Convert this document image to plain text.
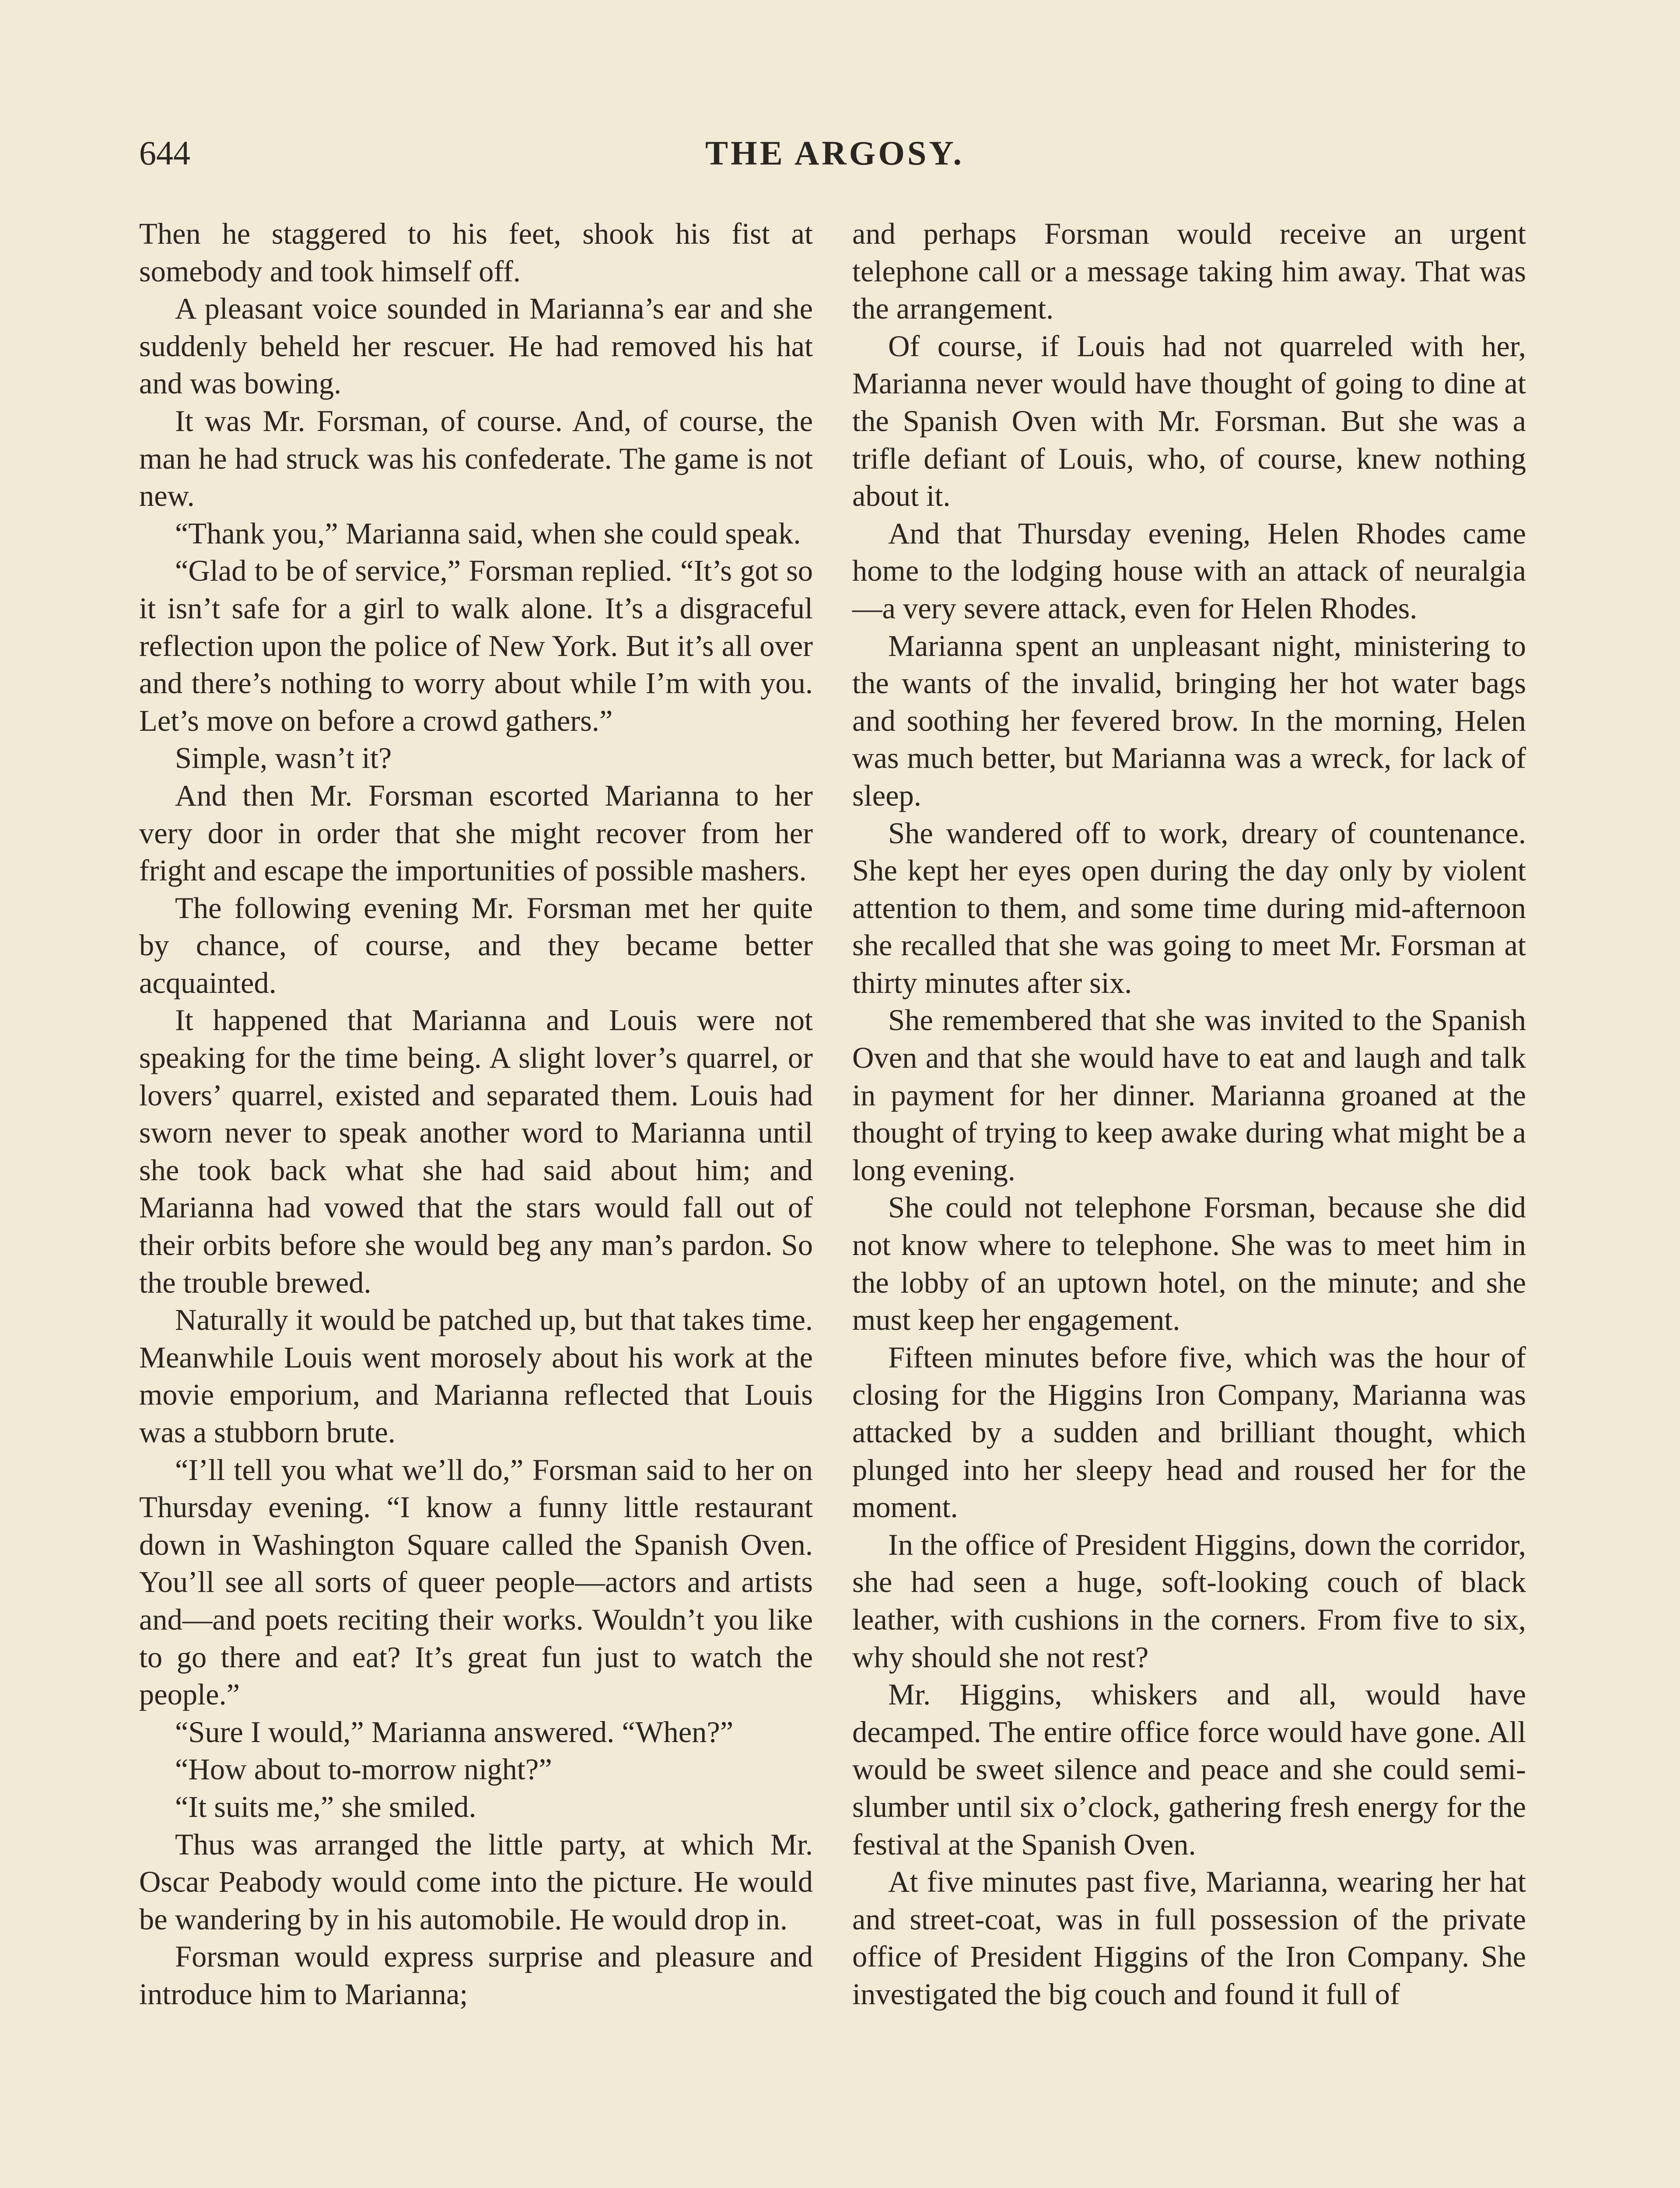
644	THE ARGOSY.

Then he staggered to his feet, shook his fist at somebody and took himself off.

A pleasant voice sounded in Marianna’s ear and she suddenly beheld her rescuer. He had removed his hat and was bowing.

It was Mr. Forsman, of course. And, of course, the man he had struck was his confederate. The game is not new.

“Thank you,” Marianna said, when she could speak.

“Glad to be of service,” Forsman replied. “It’s got so it isn’t safe for a girl to walk alone. It’s a disgraceful reflection upon the police of New York. But it’s all over and there’s nothing to worry about while I’m with you. Let’s move on before a crowd gathers.”

Simple, wasn’t it?

And then Mr. Forsman escorted Marianna to her very door in order that she might recover from her fright and escape the importunities of possible mashers.

The following evening Mr. Forsman met her quite by chance, of course, and they became better acquainted.

It happened that Marianna and Louis were not speaking for the time being. A slight lover’s quarrel, or lovers’ quarrel, existed and separated them. Louis had sworn never to speak another word to Marianna until she took back what she had said about him; and Marianna had vowed that the stars would fall out of their orbits before she would beg any man’s pardon. So the trouble brewed.

Naturally it would be patched up, but that takes time. Meanwhile Louis went morosely about his work at the movie emporium, and Marianna reflected that Louis was a stubborn brute.

“I’ll tell you what we’ll do,” Forsman said to her on Thursday evening. “I know a funny little restaurant down in Washington Square called the Spanish Oven. You’ll see all sorts of queer people—actors and artists and—and poets reciting their works. Wouldn’t you like to go there and eat? It’s great fun just to watch the people.”

“Sure I would,” Marianna answered. “When?”

“How about to-morrow night?”

“It suits me,” she smiled.

Thus was arranged the little party, at which Mr. Oscar Peabody would come into the picture. He would be wandering by in his automobile. He would drop in.

Forsman would express surprise and pleasure and introduce him to Marianna;

and perhaps Forsman would receive an urgent telephone call or a message taking him away. That was the arrangement.

Of course, if Louis had not quarreled with her, Marianna never would have thought of going to dine at the Spanish Oven with Mr. Forsman. But she was a trifle defiant of Louis, who, of course, knew nothing about it.

And that Thursday evening, Helen Rhodes came home to the lodging house with an attack of neuralgia—a very severe attack, even for Helen Rhodes.

Marianna spent an unpleasant night, ministering to the wants of the invalid, bringing her hot water bags and soothing her fevered brow. In the morning, Helen was much better, but Marianna was a wreck, for lack of sleep.

She wandered off to work, dreary of countenance. She kept her eyes open during the day only by violent attention to them, and some time during mid-afternoon she recalled that she was going to meet Mr. Forsman at thirty minutes after six.

She remembered that she was invited to the Spanish Oven and that she would have to eat and laugh and talk in payment for her dinner. Marianna groaned at the thought of trying to keep awake during what might be a long evening.

She could not telephone Forsman, because she did not know where to telephone. She was to meet him in the lobby of an uptown hotel, on the minute; and she must keep her engagement.

Fifteen minutes before five, which was the hour of closing for the Higgins Iron Company, Marianna was attacked by a sudden and brilliant thought, which plunged into her sleepy head and roused her for the moment.

In the office of President Higgins, down the corridor, she had seen a huge, soft-looking couch of black leather, with cushions in the corners. From five to six, why should she not rest?

Mr. Higgins, whiskers and all, would have decamped. The entire office force would have gone. All would be sweet silence and peace and she could semi-slumber until six o’clock, gathering fresh energy for the festival at the Spanish Oven.

At five minutes past five, Marianna, wearing her hat and street-coat, was in full possession of the private office of President Higgins of the Iron Company. She investigated the big couch and found it full of
